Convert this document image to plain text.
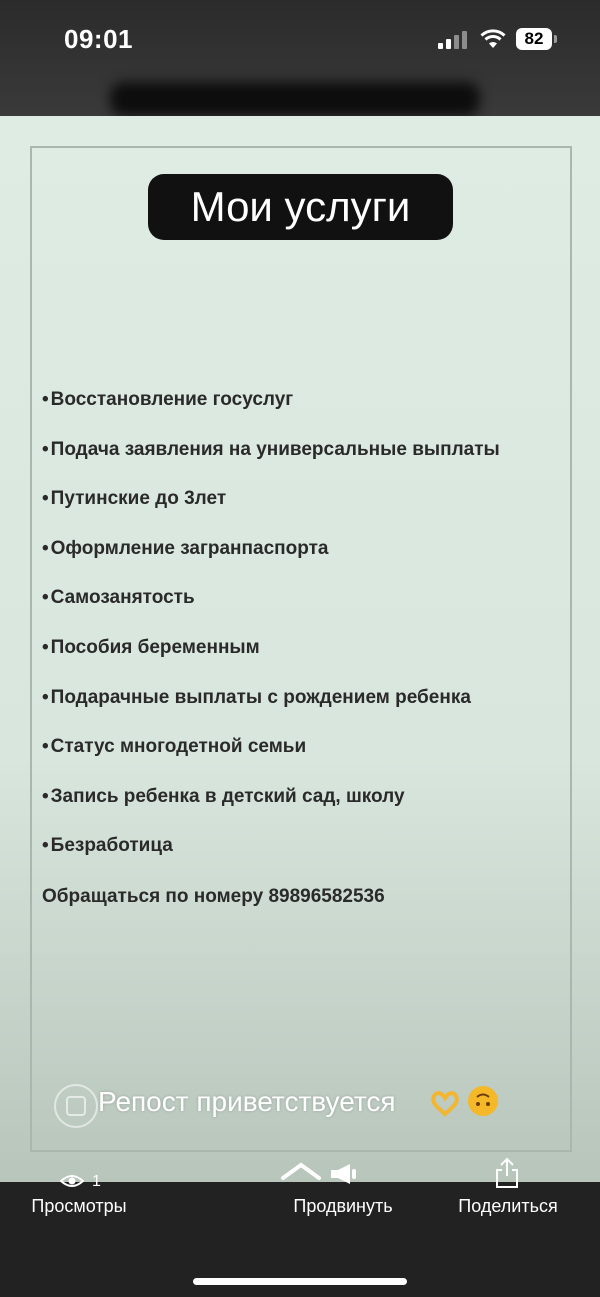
09:01	82
Мои услуги
• Восстановление госуслуг
• Подача заявления на универсальные выплаты
• Путинские до 3лет
• Оформление загранпаспорта
• Самозанятость
• Пособия беременным
• Подарачные выплаты с рождением ребенка
• Статус многодетной семьи
• Запись ребенка в детский сад, школу
• Безработица
Обращаться по номеру 89896582536
Репост приветствуется
1
Просмотры	Продвинуть	Поделиться
